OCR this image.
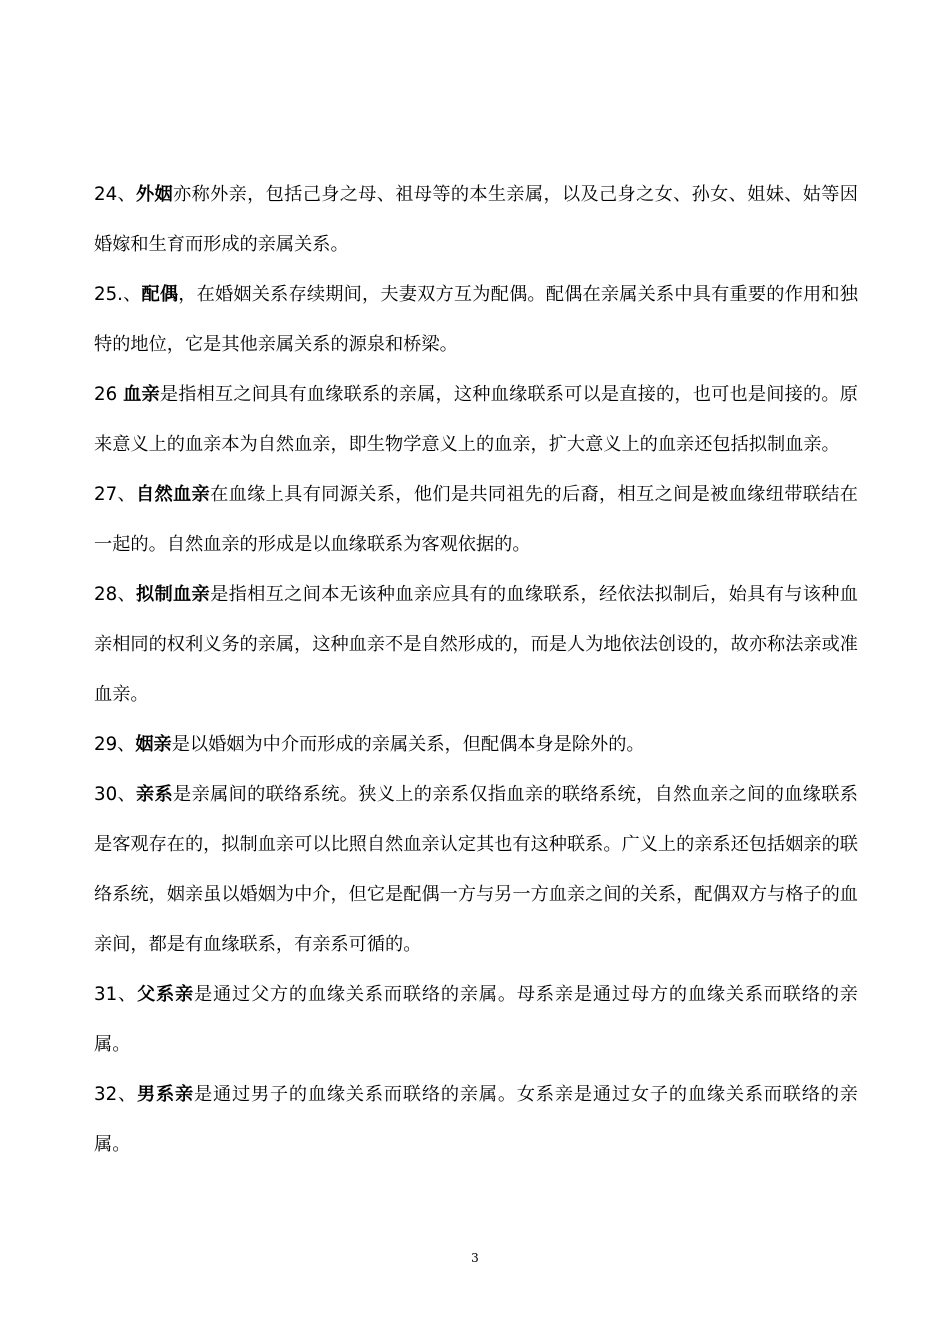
24、外姻亦称外亲，包括己身之母、祖母等的本生亲属，以及己身之女、孙女、姐妹、姑等因婚嫁和生育而形成的亲属关系。

25.、配偶，在婚姻关系存续期间，夫妻双方互为配偶。配偶在亲属关系中具有重要的作用和独特的地位，它是其他亲属关系的源泉和桥梁。

26 血亲是指相互之间具有血缘联系的亲属，这种血缘联系可以是直接的，也可也是间接的。原来意义上的血亲本为自然血亲，即生物学意义上的血亲，扩大意义上的血亲还包括拟制血亲。

27、自然血亲在血缘上具有同源关系，他们是共同祖先的后裔，相互之间是被血缘纽带联结在一起的。自然血亲的形成是以血缘联系为客观依据的。

28、拟制血亲是指相互之间本无该种血亲应具有的血缘联系，经依法拟制后，始具有与该种血亲相同的权利义务的亲属，这种血亲不是自然形成的，而是人为地依法创设的，故亦称法亲或准血亲。

29、姻亲是以婚姻为中介而形成的亲属关系，但配偶本身是除外的。

30、亲系是亲属间的联络系统。狭义上的亲系仅指血亲的联络系统，自然血亲之间的血缘联系是客观存在的，拟制血亲可以比照自然血亲认定其也有这种联系。广义上的亲系还包括姻亲的联络系统，姻亲虽以婚姻为中介，但它是配偶一方与另一方血亲之间的关系，配偶双方与格子的血亲间，都是有血缘联系，有亲系可循的。

31、父系亲是通过父方的血缘关系而联络的亲属。母系亲是通过母方的血缘关系而联络的亲属。

32、男系亲是通过男子的血缘关系而联络的亲属。女系亲是通过女子的血缘关系而联络的亲属。

3
